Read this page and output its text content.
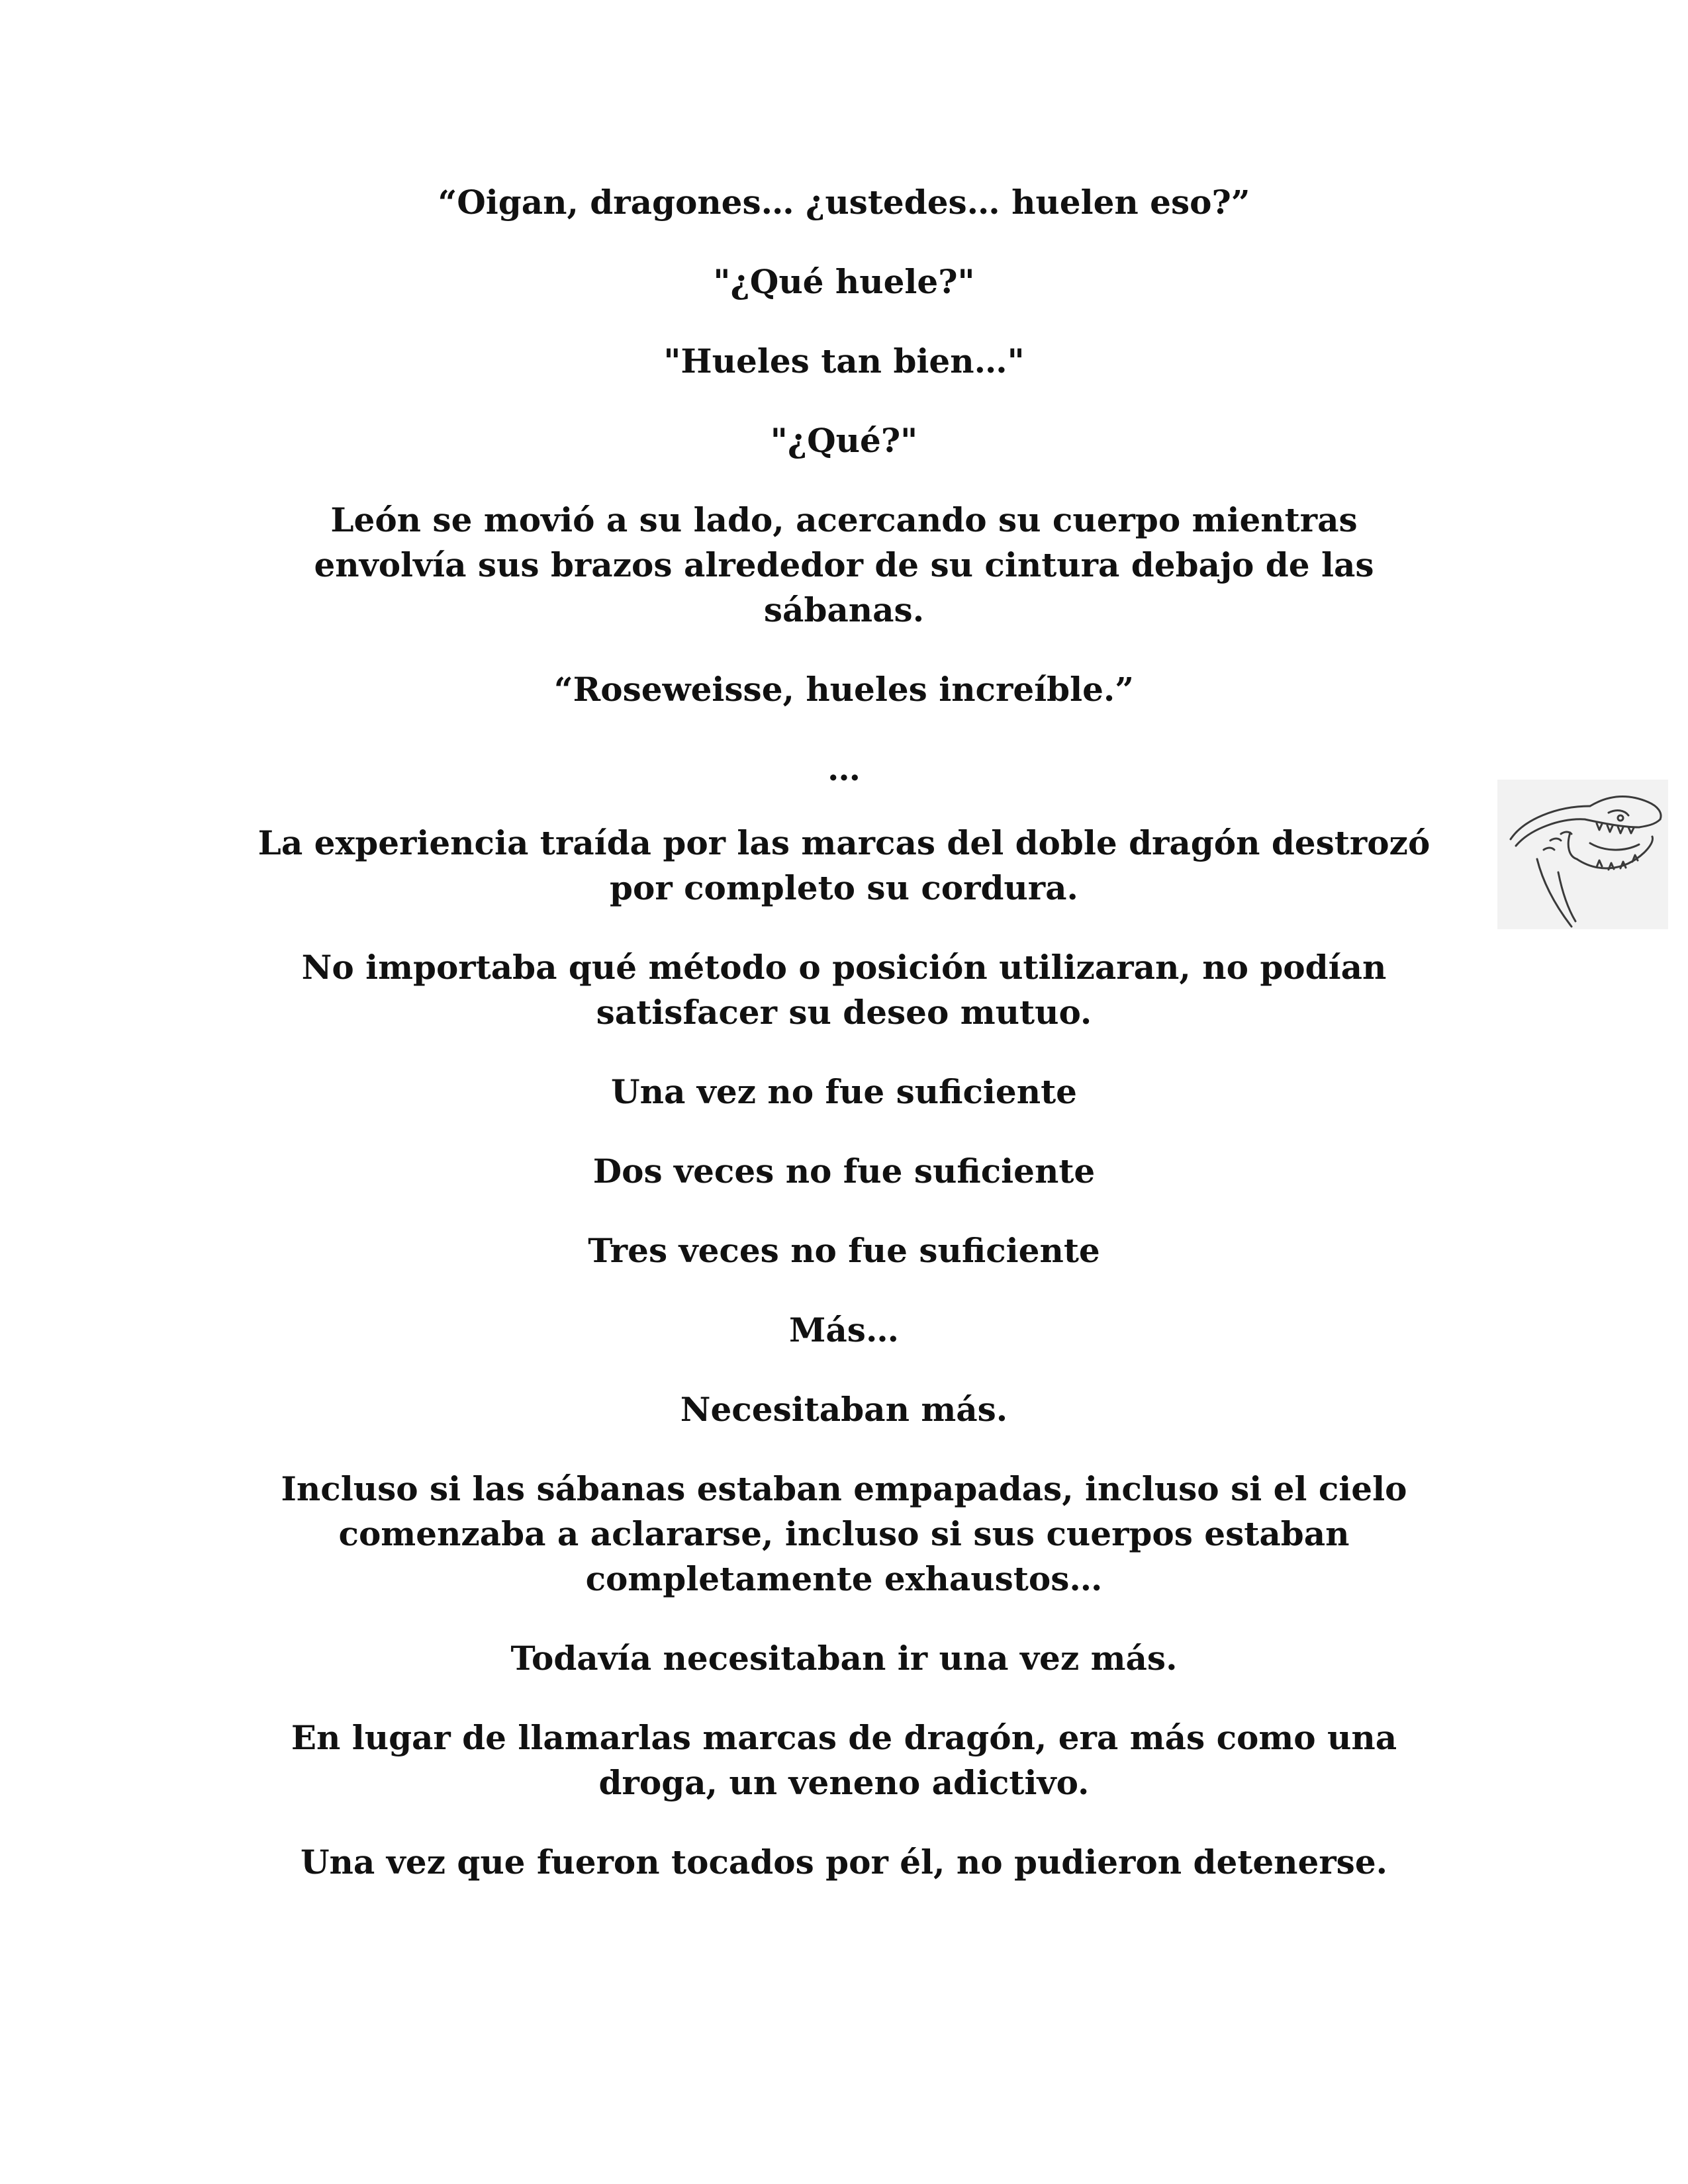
“Oigan, dragones… ¿ustedes… huelen eso?”

"¿Qué huele?"

"Hueles tan bien…"

"¿Qué?"

León se movió a su lado, acercando su cuerpo mientras envolvía sus brazos alrededor de su cintura debajo de las sábanas.

“Roseweisse, hueles increíble.”

…

La experiencia traída por las marcas del doble dragón destrozó por completo su cordura.

No importaba qué método o posición utilizaran, no podían satisfacer su deseo mutuo.

Una vez no fue suficiente

Dos veces no fue suficiente

Tres veces no fue suficiente

Más…

Necesitaban más.

Incluso si las sábanas estaban empapadas, incluso si el cielo comenzaba a aclararse, incluso si sus cuerpos estaban completamente exhaustos…

Todavía necesitaban ir una vez más.

En lugar de llamarlas marcas de dragón, era más como una droga, un veneno adictivo.

Una vez que fueron tocados por él, no pudieron detenerse.
